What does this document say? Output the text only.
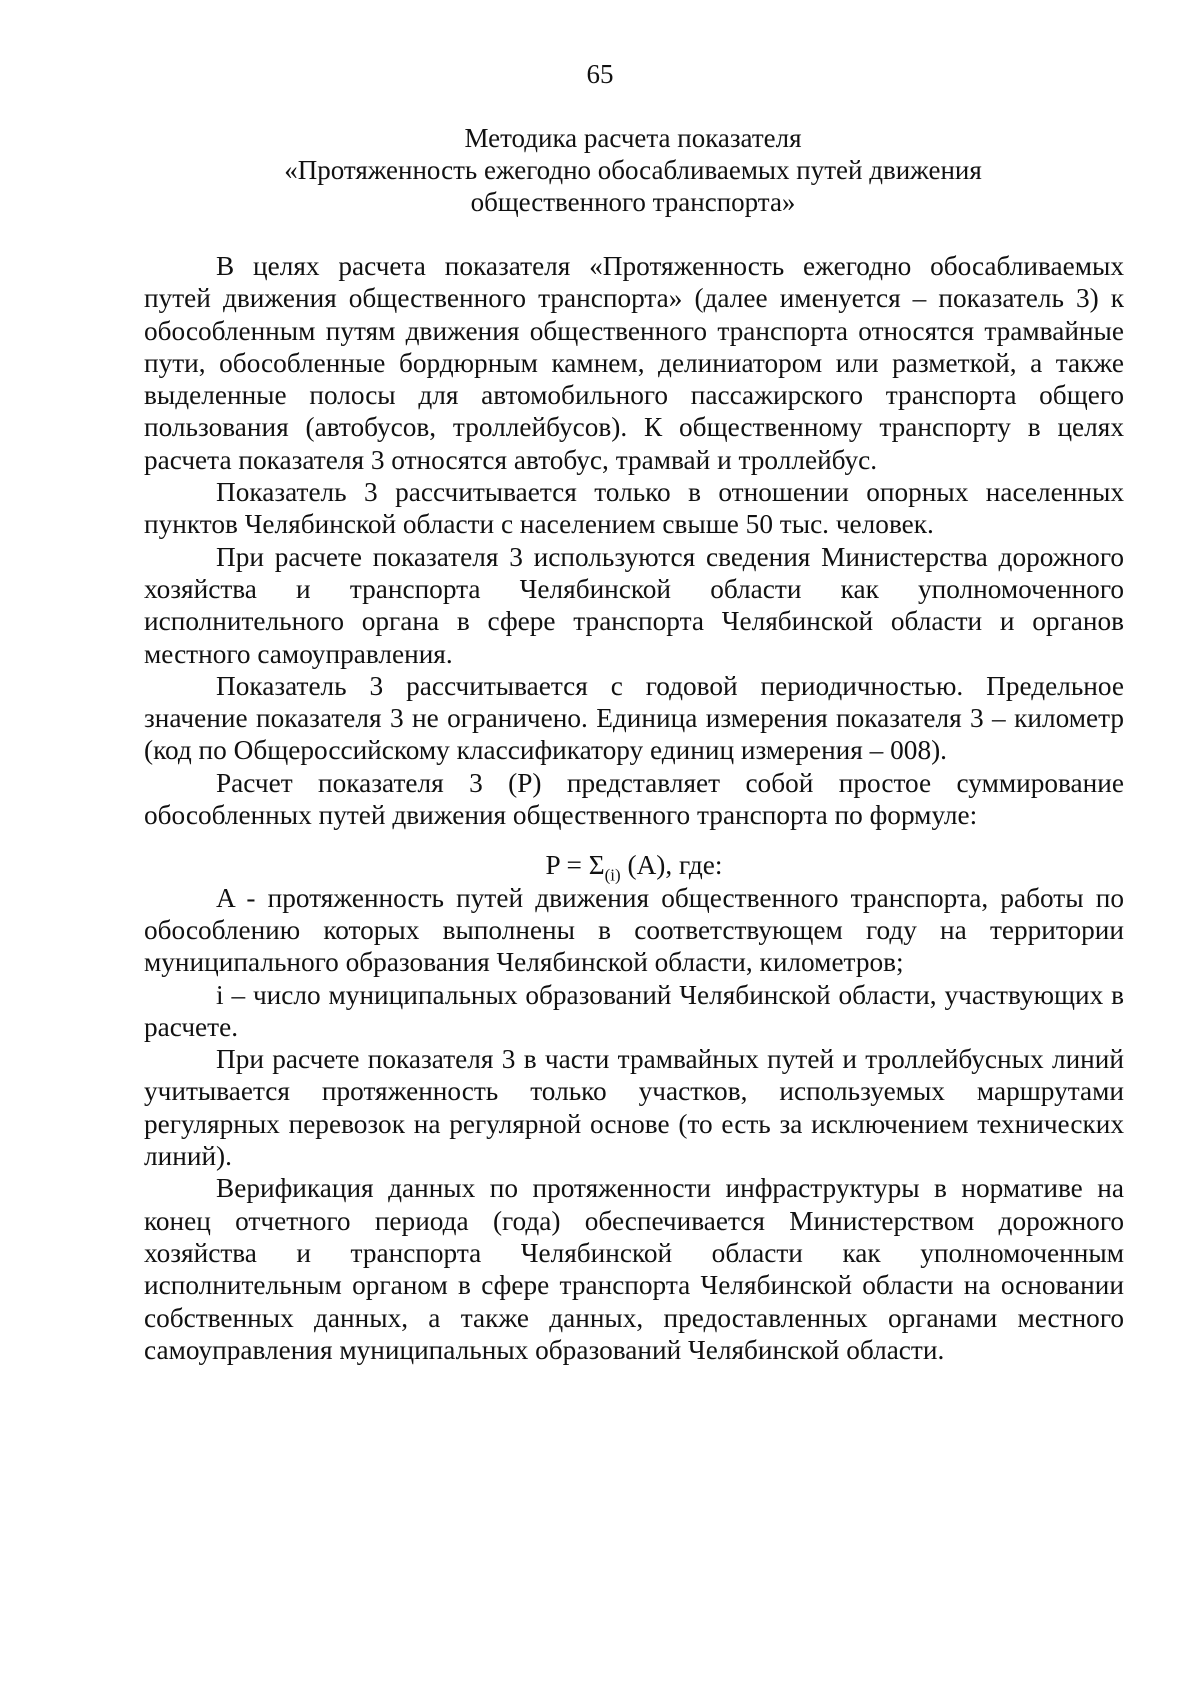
65
Методика расчета показателя
«Протяженность ежегодно обосабливаемых путей движения
общественного транспорта»

В целях расчета показателя «Протяженность ежегодно обосабливаемых путей движения общественного транспорта» (далее именуется – показатель 3) к обособленным путям движения общественного транспорта относятся трамвайные пути, обособленные бордюрным камнем, делиниатором или разметкой, а также выделенные полосы для автомобильного пассажирского транспорта общего пользования (автобусов, троллейбусов). К общественному транспорту в целях расчета показателя 3 относятся автобус, трамвай и троллейбус.

Показатель 3 рассчитывается только в отношении опорных населенных пунктов Челябинской области с населением свыше 50 тыс. человек.

При расчете показателя 3 используются сведения Министерства дорожного хозяйства и транспорта Челябинской области как уполномоченного исполнительного органа в сфере транспорта Челябинской области и органов местного самоуправления.

Показатель 3 рассчитывается с годовой периодичностью. Предельное значение показателя 3 не ограничено. Единица измерения показателя 3 – километр (код по Общероссийскому классификатору единиц измерения – 008).

Расчет показателя 3 (P) представляет собой простое суммирование обособленных путей движения общественного транспорта по формуле:

$P = \Sigma_{(i)}$ (A), где:

A - протяженность путей движения общественного транспорта, работы по обособлению которых выполнены в соответствующем году на территории муниципального образования Челябинской области, километров;

i – число муниципальных образований Челябинской области, участвующих в расчете.

При расчете показателя 3 в части трамвайных путей и троллейбусных линий учитывается протяженность только участков, используемых маршрутами регулярных перевозок на регулярной основе (то есть за исключением технических линий).

Верификация данных по протяженности инфраструктуры в нормативе на конец отчетного периода (года) обеспечивается Министерством дорожного хозяйства и транспорта Челябинской области как уполномоченным исполнительным органом в сфере транспорта Челябинской области на основании собственных данных, а также данных, предоставленных органами местного самоуправления муниципальных образований Челябинской области.
